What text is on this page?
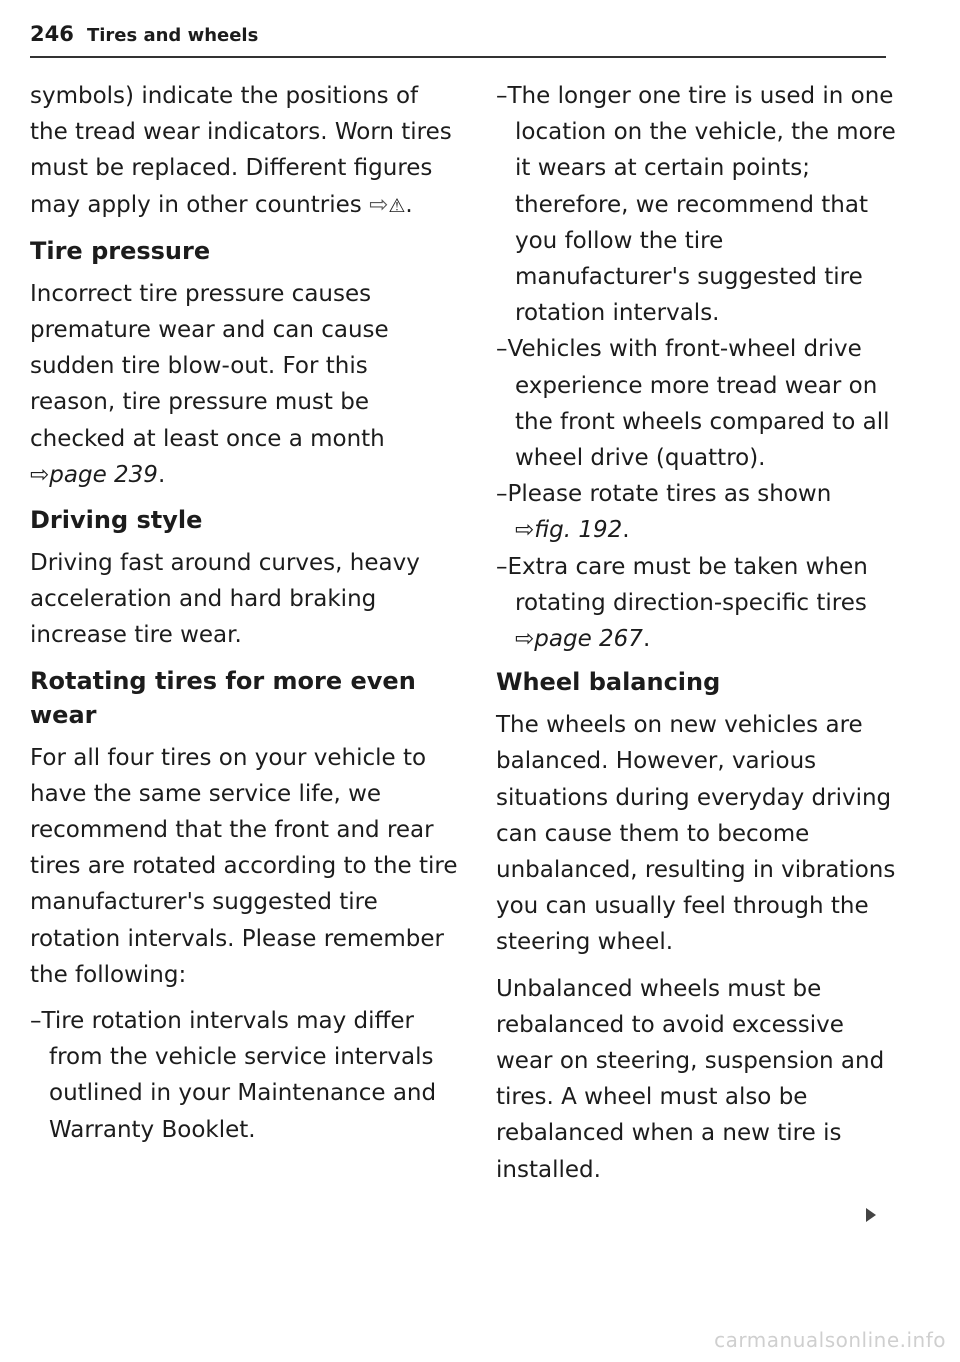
246 Tires and wheels

symbols) indicate the positions of the tread wear indicators. Worn tires must be replaced. Different figures may apply in other countries ⇨⚠.

Tire pressure

Incorrect tire pressure causes premature wear and can cause sudden tire blow-out. For this reason, tire pressure must be checked at least once a month ⇨page 239.

Driving style

Driving fast around curves, heavy acceleration and hard braking increase tire wear.

Rotating tires for more even wear

For all four tires on your vehicle to have the same service life, we recommend that the front and rear tires are rotated according to the tire manufacturer's suggested tire rotation intervals. Please remember the following:

–Tire rotation intervals may differ from the vehicle service intervals outlined in your Maintenance and Warranty Booklet.

–The longer one tire is used in one location on the vehicle, the more it wears at certain points; therefore, we recommend that you follow the tire manufacturer's suggested tire rotation intervals.

–Vehicles with front-wheel drive experience more tread wear on the front wheels compared to all wheel drive (quattro).

–Please rotate tires as shown ⇨fig. 192.

–Extra care must be taken when rotating direction-specific tires ⇨page 267.

Wheel balancing

The wheels on new vehicles are balanced. However, various situations during everyday driving can cause them to become unbalanced, resulting in vibrations you can usually feel through the steering wheel.

Unbalanced wheels must be rebalanced to avoid excessive wear on steering, suspension and tires. A wheel must also be rebalanced when a new tire is installed.

carmanualsonline.info
